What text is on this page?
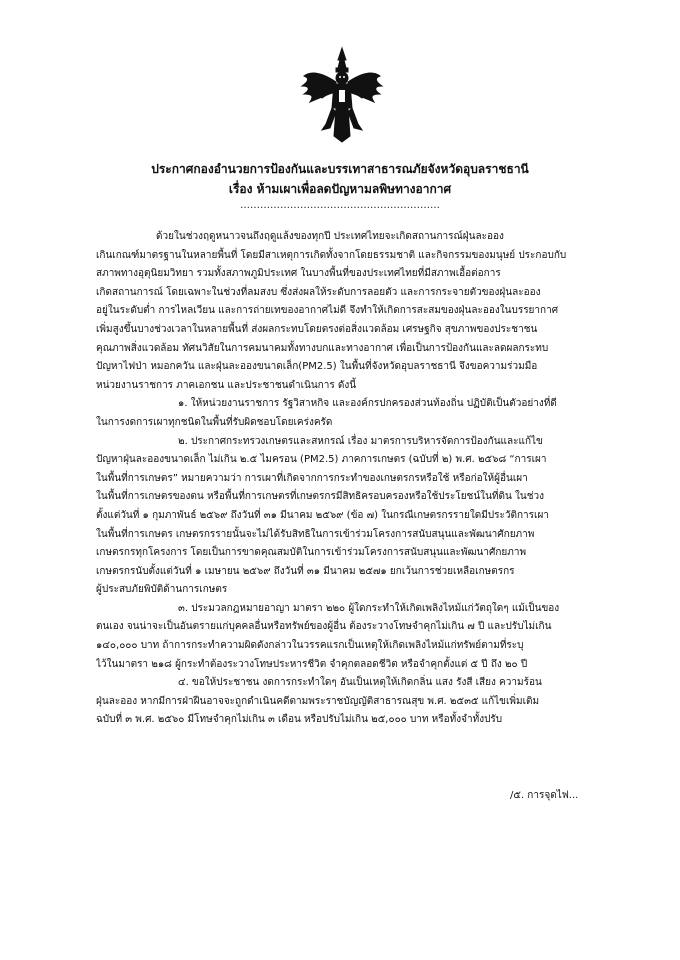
ประกาศกองอำนวยการป้องกันและบรรเทาสาธารณภัยจังหวัดอุบลราชธานี
เรื่อง ห้ามเผาเพื่อลดปัญหามลพิษทางอากาศ
……………………………………………………
ด้วยในช่วงฤดูหนาวจนถึงฤดูแล้งของทุกปี ประเทศไทยจะเกิดสถานการณ์ฝุ่นละออง
เกินเกณฑ์มาตรฐานในหลายพื้นที่ โดยมีสาเหตุการเกิดทั้งจากโดยธรรมชาติ และกิจกรรมของมนุษย์ ประกอบกับ
สภาพทางอุตุนิยมวิทยา รวมทั้งสภาพภูมิประเทศ ในบางพื้นที่ของประเทศไทยที่มีสภาพเอื้อต่อการ
เกิดสถานการณ์ โดยเฉพาะในช่วงที่ลมสงบ ซึ่งส่งผลให้ระดับการลอยตัว และการกระจายตัวของฝุ่นละออง
อยู่ในระดับต่ำ การไหลเวียน และการถ่ายเทของอากาศไม่ดี จึงทำให้เกิดการสะสมของฝุ่นละอองในบรรยากาศ
เพิ่มสูงขึ้นบางช่วงเวลาในหลายพื้นที่ ส่งผลกระทบโดยตรงต่อสิ่งแวดล้อม เศรษฐกิจ สุขภาพของประชาชน
คุณภาพสิ่งแวดล้อม ทัศนวิสัยในการคมนาคมทั้งทางบกและทางอากาศ เพื่อเป็นการป้องกันและลดผลกระทบ
ปัญหาไฟป่า หมอกควัน และฝุ่นละอองขนาดเล็ก(PM2.5) ในพื้นที่จังหวัดอุบลราชธานี จึงขอความร่วมมือ
หน่วยงานราชการ ภาคเอกชน และประชาชนดำเนินการ ดังนี้
๑. ให้หน่วยงานราชการ รัฐวิสาหกิจ และองค์กรปกครองส่วนท้องถิ่น ปฏิบัติเป็นตัวอย่างที่ดี
ในการงดการเผาทุกชนิดในพื้นที่รับผิดชอบโดยเคร่งครัด
๒. ประกาศกระทรวงเกษตรและสหกรณ์ เรื่อง มาตรการบริหารจัดการป้องกันและแก้ไข
ปัญหาฝุ่นละอองขนาดเล็ก ไม่เกิน ๒.๕ ไมครอน (PM2.5) ภาคการเกษตร (ฉบับที่ ๒) พ.ศ. ๒๕๖๘ “การเผา
ในพื้นที่การเกษตร” หมายความว่า การเผาที่เกิดจากการกระทำของเกษตรกรหรือใช้ หรือก่อให้ผู้อื่นเผา
ในพื้นที่การเกษตรของตน หรือพื้นที่การเกษตรที่เกษตรกรมีสิทธิครอบครองหรือใช้ประโยชน์ในที่ดิน ในช่วง
ตั้งแต่วันที่ ๑ กุมภาพันธ์ ๒๕๖๙ ถึงวันที่ ๓๑ มีนาคม ๒๕๖๙ (ข้อ ๗) ในกรณีเกษตรกรรายใดมีประวัติการเผา
ในพื้นที่การเกษตร เกษตรกรรายนั้นจะไม่ได้รับสิทธิในการเข้าร่วมโครงการสนับสนุนและพัฒนาศักยภาพ
เกษตรกรทุกโครงการ โดยเป็นการขาดคุณสมบัติในการเข้าร่วมโครงการสนับสนุนและพัฒนาศักยภาพ
เกษตรกรนับตั้งแต่วันที่ ๑ เมษายน ๒๕๖๙ ถึงวันที่ ๓๑ มีนาคม ๒๕๗๑ ยกเว้นการช่วยเหลือเกษตรกร
ผู้ประสบภัยพิบัติด้านการเกษตร
๓. ประมวลกฎหมายอาญา มาตรา ๒๒๐ ผู้ใดกระทำให้เกิดเพลิงไหม้แก่วัตถุใดๆ แม้เป็นของ
ตนเอง จนน่าจะเป็นอันตรายแก่บุคคลอื่นหรือทรัพย์ของผู้อื่น ต้องระวางโทษจำคุกไม่เกิน ๗ ปี และปรับไม่เกิน
๑๔๐,๐๐๐ บาท ถ้าการกระทำความผิดดังกล่าวในวรรคแรกเป็นเหตุให้เกิดเพลิงไหม้แก่ทรัพย์ตามที่ระบุ
ไว้ในมาตรา ๒๑๘ ผู้กระทำต้องระวางโทษประหารชีวิต จำคุกตลอดชีวิต หรือจำคุกตั้งแต่ ๕ ปี ถึง ๒๐ ปี
๔. ขอให้ประชาชน งดการกระทำใดๆ อันเป็นเหตุให้เกิดกลิ่น แสง รังสี เสียง ความร้อน
ฝุ่นละออง หากมีการฝ่าฝืนอาจจะถูกดำเนินคดีตามพระราชบัญญัติสาธารณสุข พ.ศ. ๒๕๓๕ แก้ไขเพิ่มเติม
ฉบับที่ ๓ พ.ศ. ๒๕๖๐ มีโทษจำคุกไม่เกิน ๓ เดือน หรือปรับไม่เกิน ๒๕,๐๐๐ บาท หรือทั้งจำทั้งปรับ
/๕. การจุดไฟ...
